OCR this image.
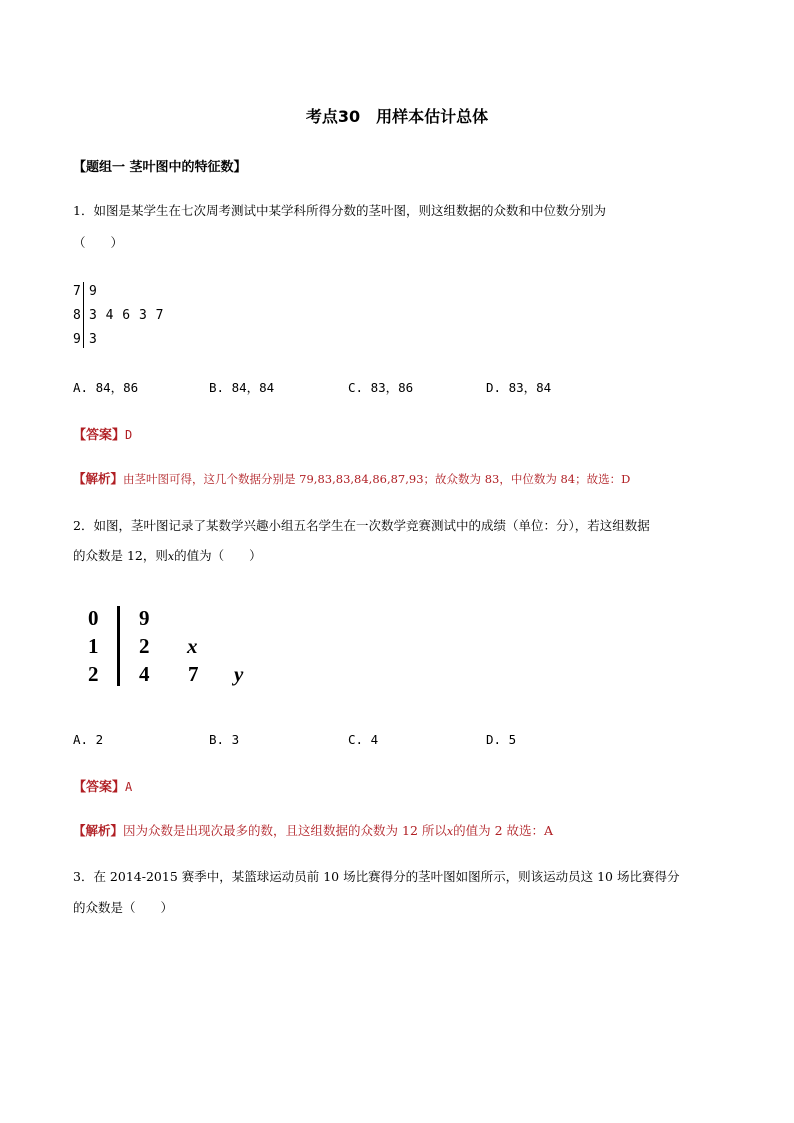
考点30　用样本估计总体
【题组一 茎叶图中的特征数】
1．如图是某学生在七次周考测试中某学科所得分数的茎叶图，则这组数据的众数和中位数分别为
（　　）
7 9
8 3 4 6 3 7
9 3
A. 84，86	B. 84，84	C. 83，86	D. 83，84
【答案】D
【解析】由茎叶图可得，这几个数据分别是 79,83,83,84,86,87,93；故众数为 83，中位数为 84；故选：D
2．如图，茎叶图记录了某数学兴趣小组五名学生在一次数学竞赛测试中的成绩（单位：分），若这组数据
的众数是 12，则x的值为（　　）
0 9
1 2 x
2 4 7 y
A. 2	B. 3	C. 4	D. 5
【答案】A
【解析】因为众数是出现次最多的数，且这组数据的众数为 12 所以x的值为 2 故选：A
3．在 2014-2015 赛季中，某篮球运动员前 10 场比赛得分的茎叶图如图所示，则该运动员这 10 场比赛得分
的众数是（　　）
